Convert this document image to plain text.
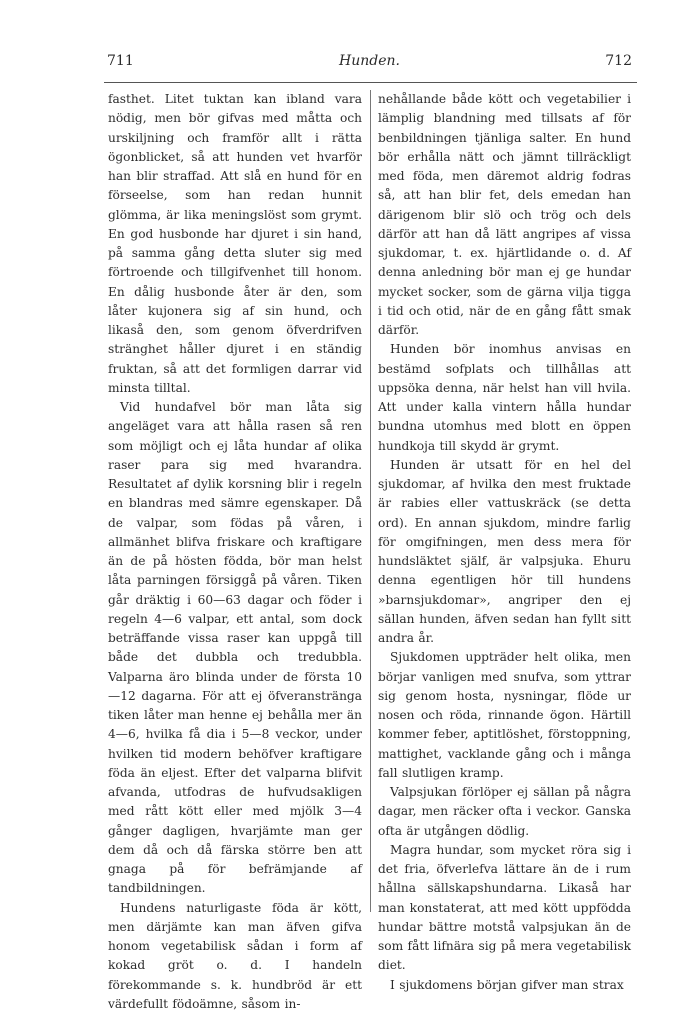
711	Hunden.	712

fasthet. Litet tuktan kan ibland vara nödig, men bör gifvas med måtta och urskiljning och framför allt i rätta ögonblicket, så att hunden vet hvarför han blir straffad. Att slå en hund för en förseelse, som han redan hunnit glömma, är lika meningslöst som grymt. En god husbonde har djuret i sin hand, på samma gång detta sluter sig med förtroende och tillgifvenhet till honom. En dålig husbonde åter är den, som låter kujonera sig af sin hund, och likaså den, som genom öfverdrifven stränghet håller djuret i en ständig fruktan, så att det formligen darrar vid minsta tilltal.

Vid hundafvel bör man låta sig angeläget vara att hålla rasen så ren som möjligt och ej låta hundar af olika raser para sig med hvarandra. Resultatet af dylik korsning blir i regeln en blandras med sämre egenskaper. Då de valpar, som födas på våren, i allmänhet blifva friskare och kraftigare än de på hösten födda, bör man helst låta parningen försiggå på våren. Tiken går dräktig i 60—63 dagar och föder i regeln 4—6 valpar, ett antal, som dock beträffande vissa raser kan uppgå till både det dubbla och tredubbla. Valparna äro blinda under de första 10—12 dagarna. För att ej öfveranstränga tiken låter man henne ej behålla mer än 4—6, hvilka få dia i 5—8 veckor, under hvilken tid modern behöfver kraftigare föda än eljest. Efter det valparna blifvit afvanda, utfodras de hufvudsakligen med rått kött eller med mjölk 3—4 gånger dagligen, hvarjämte man ger dem då och då färska större ben att gnaga på för befrämjande af tandbildningen.

Hundens naturligaste föda är kött, men därjämte kan man äfven gifva honom vegetabilisk sådan i form af kokad gröt o. d. I handeln förekommande s. k. hundbröd är ett värdefullt födoämne, såsom in-

nehållande både kött och vegetabilier i lämplig blandning med tillsats af för benbildningen tjänliga salter. En hund bör erhålla nätt och jämnt tillräckligt med föda, men däremot aldrig fodras så, att han blir fet, dels emedan han därigenom blir slö och trög och dels därför att han då lätt angripes af vissa sjukdomar, t. ex. hjärtlidande o. d. Af denna anledning bör man ej ge hundar mycket socker, som de gärna vilja tigga i tid och otid, när de en gång fått smak därför.

Hunden bör inomhus anvisas en bestämd sofplats och tillhållas att uppsöka denna, när helst han vill hvila. Att under kalla vintern hålla hundar bundna utomhus med blott en öppen hundkoja till skydd är grymt.

Hunden är utsatt för en hel del sjukdomar, af hvilka den mest fruktade är rabies eller vattuskräck (se detta ord). En annan sjukdom, mindre farlig för omgifningen, men dess mera för hundsläktet själf, är valpsjuka. Ehuru denna egentligen hör till hundens »barnsjukdomar», angriper den ej sällan hunden, äfven sedan han fyllt sitt andra år.

Sjukdomen uppträder helt olika, men börjar vanligen med snufva, som yttrar sig genom hosta, nysningar, flöde ur nosen och röda, rinnande ögon. Härtill kommer feber, aptitlöshet, förstoppning, mattighet, vacklande gång och i många fall slutligen kramp.

Valpsjukan förlöper ej sällan på några dagar, men räcker ofta i veckor. Ganska ofta är utgången dödlig.

Magra hundar, som mycket röra sig i det fria, öfverlefva lättare än de i rum hållna sällskapshundarna. Likaså har man konstaterat, att med kött uppfödda hundar bättre motstå valpsjukan än de som fått lifnära sig på mera vegetabilisk diet.

I sjukdomens början gifver man strax
